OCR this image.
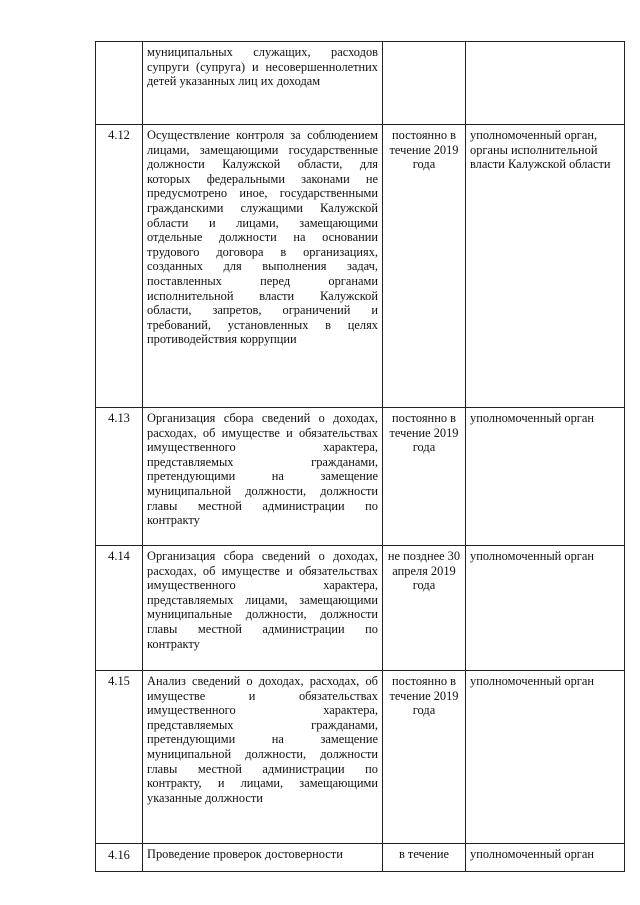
	муниципальных служащих, расходов супруги (супруга) и несовершеннолетних детей указанных лиц их доходам		
4.12	Осуществление контроля за соблюдением лицами, замещающими государственные должности Калужской области, для которых федеральными законами не предусмотрено иное, государственными гражданскими служащими Калужской области и лицами, замещающими отдельные должности на основании трудового договора в организациях, созданных для выполнения задач, поставленных перед органами исполнительной власти Калужской области, запретов, ограничений и требований, установленных в целях противодействия коррупции	постоянно в течение 2019 года	уполномоченный орган, органы исполнительной власти Калужской области
4.13	Организация сбора сведений о доходах, расходах, об имуществе и обязательствах имущественного характера, представляемых гражданами, претендующими на замещение муниципальной должности, должности главы местной администрации по контракту	постоянно в течение 2019 года	уполномоченный орган
4.14	Организация сбора сведений о доходах, расходах, об имуществе и обязательствах имущественного характера, представляемых лицами, замещающими муниципальные должности, должности главы местной администрации по контракту	не позднее 30 апреля 2019 года	уполномоченный орган
4.15	Анализ сведений о доходах, расходах, об имуществе и обязательствах имущественного характера, представляемых гражданами, претендующими на замещение муниципальной должности, должности главы местной администрации по контракту, и лицами, замещающими указанные должности	постоянно в течение 2019 года	уполномоченный орган
4.16	Проведение проверок достоверности	в течение	уполномоченный орган
